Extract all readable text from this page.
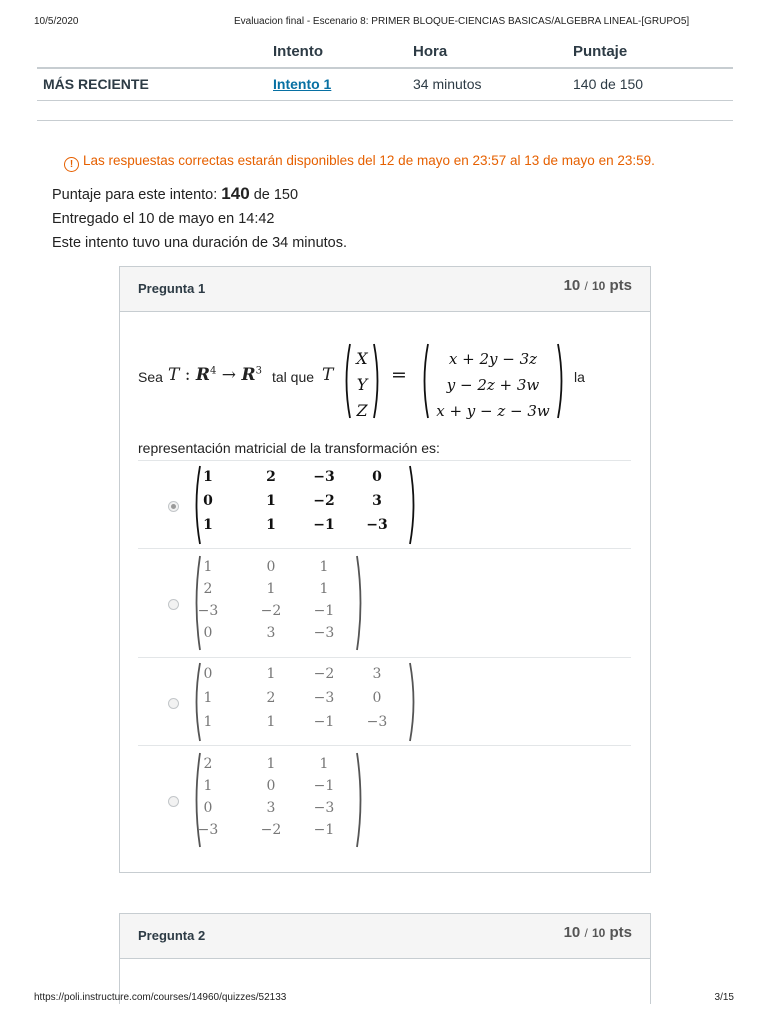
10/5/2020	Evaluacion final - Escenario 8: PRIMER BLOQUE-CIENCIAS BASICAS/ALGEBRA LINEAL-[GRUPO5]
Intento	Hora	Puntaje
MÁS RECIENTE	Intento 1	34 minutos	140 de 150
! Las respuestas correctas estarán disponibles del 12 de mayo en 23:57 al 13 de mayo en 23:59.
Puntaje para este intento: 140 de 150
Entregado el 10 de mayo en 14:42
Este intento tuvo una duración de 34 minutos.
Pregunta 1	10 / 10 pts
Sea T : $R^4 \to R^3$ tal que T
X
Y
Z
=
x + 2y − 3z
y − 2z + 3w
x + y − z − 3w
la
representación matricial de la transformación es:
1	2	−3	0
0	1	−2	3
1	1	−1 −3
1	0	1
2	1	1
−3	−2 −1
0	3	−3
0	1	−2	3
1	2	−3	0
1	1	−1 −3
2	1	1
1	0	−1
0	3	−3
−3	−2 −1
Pregunta 2	10 / 10 pts
https://poli.instructure.com/courses/14960/quizzes/52133	3/15
